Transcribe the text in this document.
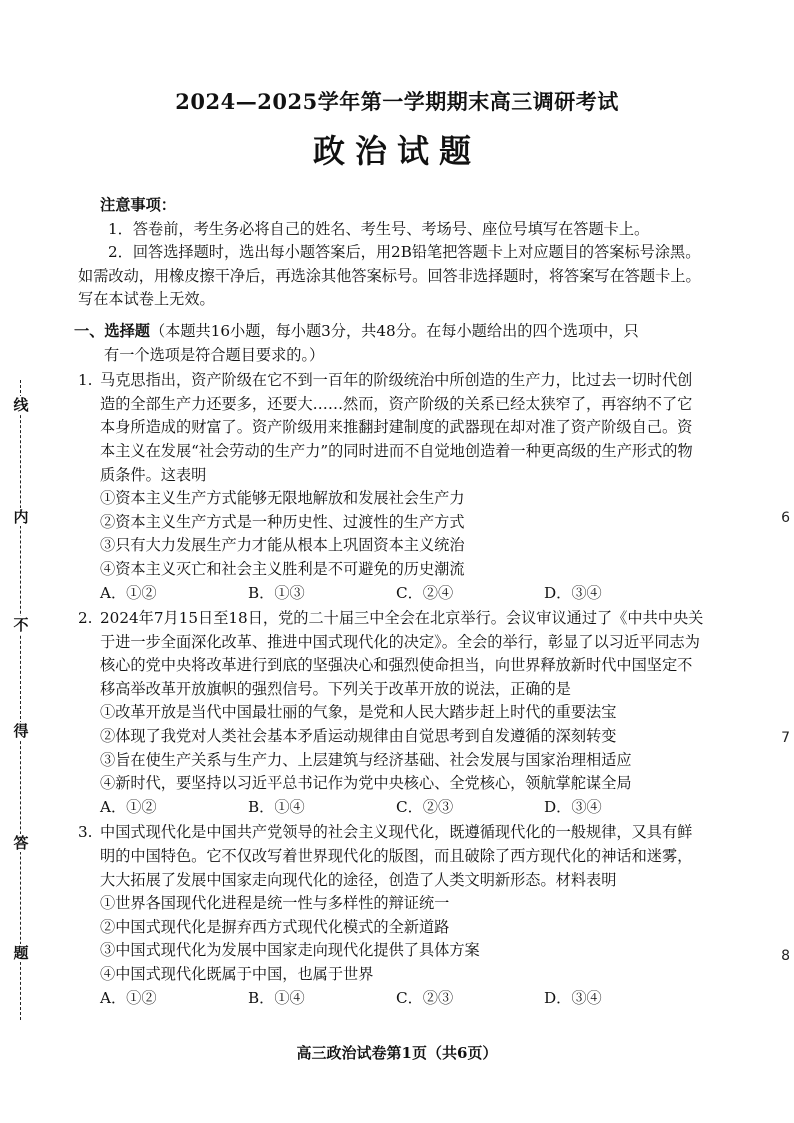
线
内
不
得
答
题
6
7
8
2024—2025学年第一学期期末高三调研考试
政治试题

注意事项：

1．答卷前，考生务必将自己的姓名、考生号、考场号、座位号填写在答题卡上。

2．回答选择题时，选出每小题答案后，用2B铅笔把答题卡上对应题目的答案标号涂黑。如需改动，用橡皮擦干净后，再选涂其他答案标号。回答非选择题时，将答案写在答题卡上。写在本试卷上无效。

一、选择题（本题共16小题，每小题3分，共48分。在每小题给出的四个选项中，只

有一个选项是符合题目要求的。）

1. 马克思指出，资产阶级在它不到一百年的阶级统治中所创造的生产力，比过去一切时代创造的全部生产力还要多，还要大……然而，资产阶级的关系已经太狭窄了，再容纳不了它本身所造成的财富了。资产阶级用来推翻封建制度的武器现在却对准了资产阶级自己。资本主义在发展“社会劳动的生产力”的同时进而不自觉地创造着一种更高级的生产形式的物质条件。这表明

①资本主义生产方式能够无限地解放和发展社会生产力

②资本主义生产方式是一种历史性、过渡性的生产方式

③只有大力发展生产力才能从根本上巩固资本主义统治

④资本主义灭亡和社会主义胜利是不可避免的历史潮流

A．①②	B．①③	C．②④	D．③④
2. 2024年7月15日至18日，党的二十届三中全会在北京举行。会议审议通过了《中共中央关于进一步全面深化改革、推进中国式现代化的决定》。全会的举行，彰显了以习近平同志为核心的党中央将改革进行到底的坚强决心和强烈使命担当，向世界释放新时代中国坚定不移高举改革开放旗帜的强烈信号。下列关于改革开放的说法，正确的是

①改革开放是当代中国最壮丽的气象，是党和人民大踏步赶上时代的重要法宝

②体现了我党对人类社会基本矛盾运动规律由自觉思考到自发遵循的深刻转变

③旨在使生产关系与生产力、上层建筑与经济基础、社会发展与国家治理相适应

④新时代，要坚持以习近平总书记作为党中央核心、全党核心，领航掌舵谋全局

A．①②	B．①④	C．②③	D．③④
3. 中国式现代化是中国共产党领导的社会主义现代化，既遵循现代化的一般规律，又具有鲜明的中国特色。它不仅改写着世界现代化的版图，而且破除了西方现代化的神话和迷雾，大大拓展了发展中国家走向现代化的途径，创造了人类文明新形态。材料表明

①世界各国现代化进程是统一性与多样性的辩证统一

②中国式现代化是摒弃西方式现代化模式的全新道路

③中国式现代化为发展中国家走向现代化提供了具体方案

④中国式现代化既属于中国，也属于世界

A．①②	B．①④	C．②③	D．③④
高三政治试卷第1页（共6页）
